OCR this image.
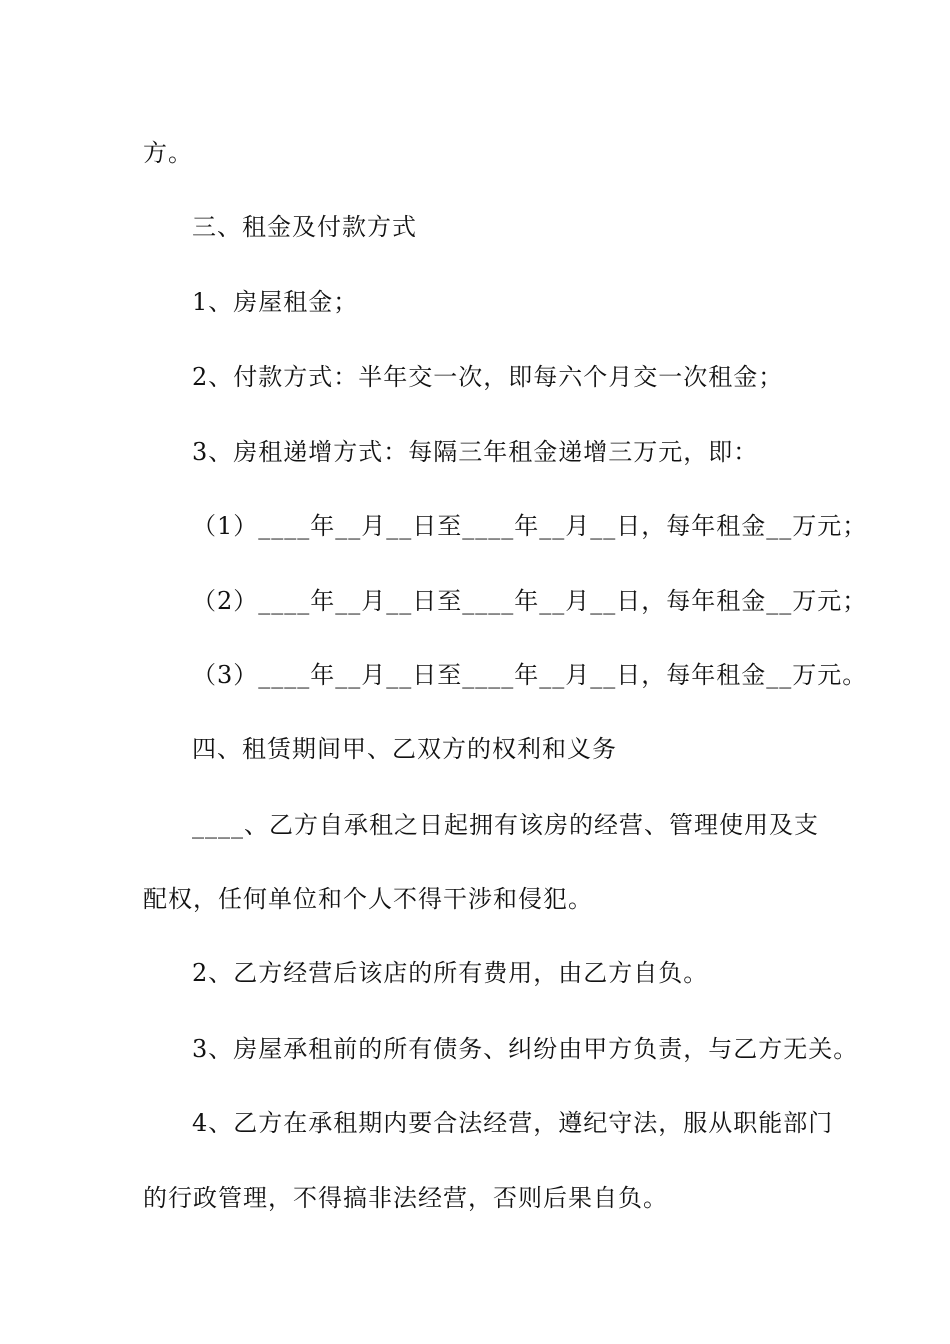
方。
三、租金及付款方式
1、房屋租金；
2、付款方式：半年交一次，即每六个月交一次租金；
3、房租递增方式：每隔三年租金递增三万元，即：
（1）____年__月__日至____年__月__日，每年租金__万元；
（2）____年__月__日至____年__月__日，每年租金__万元；
（3）____年__月__日至____年__月__日，每年租金__万元。
四、租赁期间甲、乙双方的权利和义务
____、乙方自承租之日起拥有该房的经营、管理使用及支
配权，任何单位和个人不得干涉和侵犯。
2、乙方经营后该店的所有费用，由乙方自负。
3、房屋承租前的所有债务、纠纷由甲方负责，与乙方无关。
4、乙方在承租期内要合法经营，遵纪守法，服从职能部门
的行政管理，不得搞非法经营，否则后果自负。
